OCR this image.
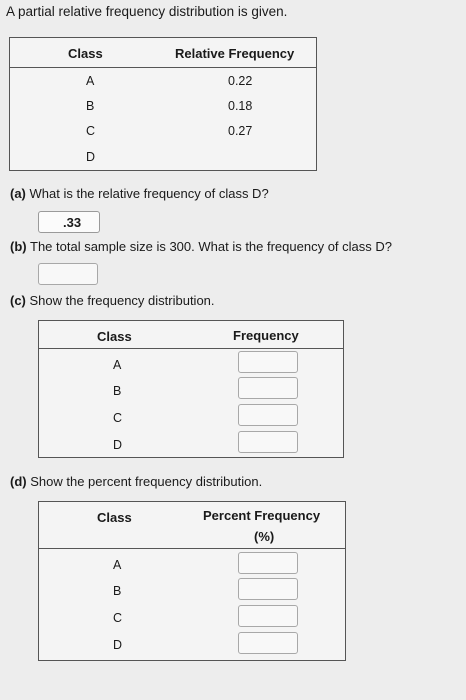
A partial relative frequency distribution is given.
Class	Relative Frequency
A	0.22
B	0.18
C	0.27
D
(a) What is the relative frequency of class D?
.33
(b) The total sample size is 300. What is the frequency of class D?
(c) Show the frequency distribution.
Class	Frequency
A
B
C
D
(d) Show the percent frequency distribution.
Class	Percent Frequency
(%)
A
B
C
D
